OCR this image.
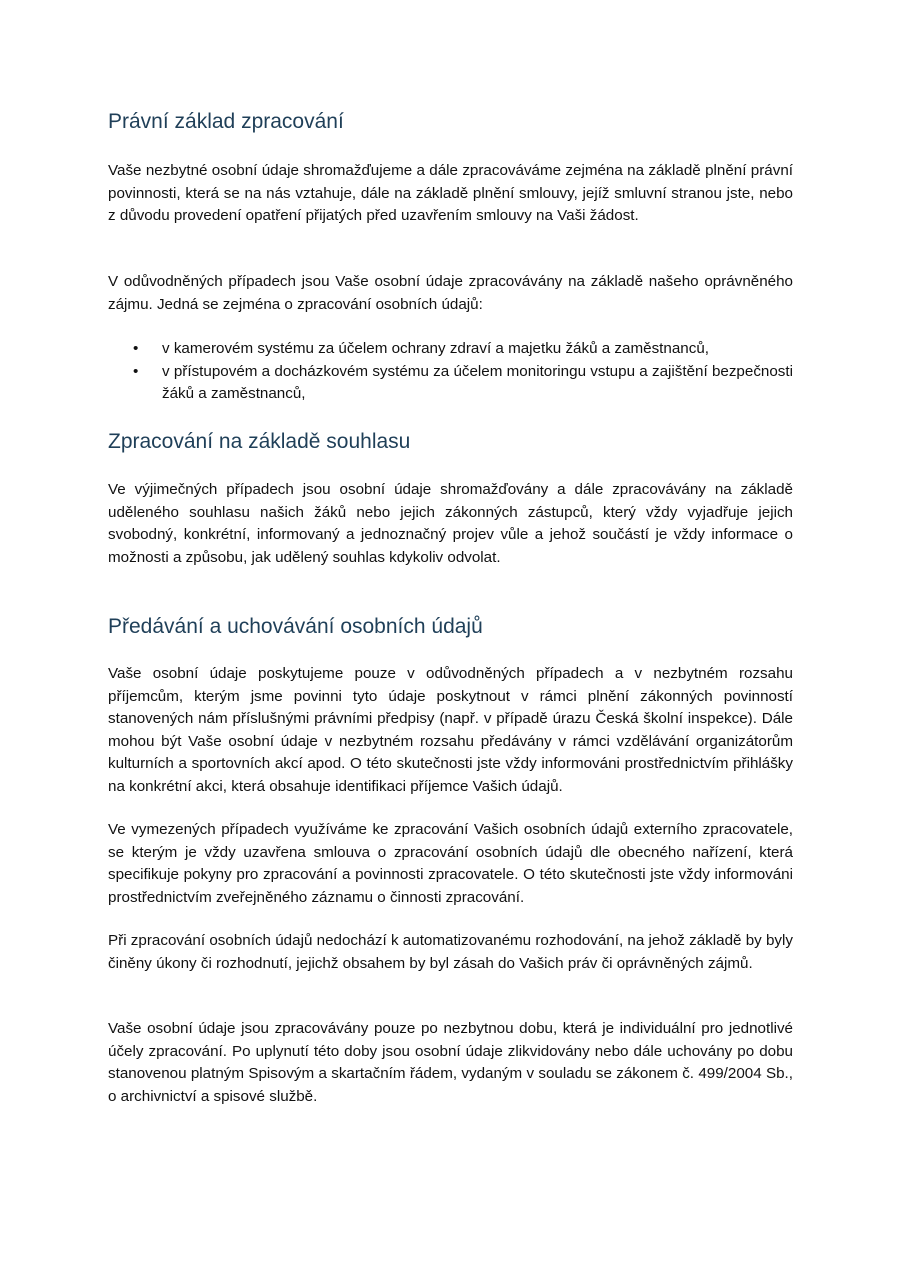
Právní základ zpracování

Vaše nezbytné osobní údaje shromažďujeme a dále zpracováváme zejména na základě plnění právní povinnosti, která se na nás vztahuje, dále na základě plnění smlouvy, jejíž smluvní stranou jste, nebo z důvodu provedení opatření přijatých před uzavřením smlouvy na Vaši žádost.

V odůvodněných případech jsou Vaše osobní údaje zpracovávány na základě našeho oprávněného zájmu. Jedná se zejména o zpracování osobních údajů:

• v kamerovém systému za účelem ochrany zdraví a majetku žáků a zaměstnanců,
• v přístupovém a docházkovém systému za účelem monitoringu vstupu a zajištění bezpečnosti žáků a zaměstnanců,
Zpracování na základě souhlasu

Ve výjimečných případech jsou osobní údaje shromažďovány a dále zpracovávány na základě uděleného souhlasu našich žáků nebo jejich zákonných zástupců, který vždy vyjadřuje jejich svobodný, konkrétní, informovaný a jednoznačný projev vůle a jehož součástí je vždy informace o možnosti a způsobu, jak udělený souhlas kdykoliv odvolat.

Předávání a uchovávání osobních údajů

Vaše osobní údaje poskytujeme pouze v odůvodněných případech a v nezbytném rozsahu příjemcům, kterým jsme povinni tyto údaje poskytnout v rámci plnění zákonných povinností stanovených nám příslušnými právními předpisy (např. v případě úrazu Česká školní inspekce). Dále mohou být Vaše osobní údaje v nezbytném rozsahu předávány v rámci vzdělávání organizátorům kulturních a sportovních akcí apod. O této skutečnosti jste vždy informováni prostřednictvím přihlášky na konkrétní akci, která obsahuje identifikaci příjemce Vašich údajů.

Ve vymezených případech využíváme ke zpracování Vašich osobních údajů externího zpracovatele, se kterým je vždy uzavřena smlouva o zpracování osobních údajů dle obecného nařízení, která specifikuje pokyny pro zpracování a povinnosti zpracovatele. O této skutečnosti jste vždy informováni prostřednictvím zveřejněného záznamu o činnosti zpracování.

Při zpracování osobních údajů nedochází k automatizovanému rozhodování, na jehož základě by byly činěny úkony či rozhodnutí, jejichž obsahem by byl zásah do Vašich práv či oprávněných zájmů.

Vaše osobní údaje jsou zpracovávány pouze po nezbytnou dobu, která je individuální pro jednotlivé účely zpracování. Po uplynutí této doby jsou osobní údaje zlikvidovány nebo dále uchovány po dobu stanovenou platným Spisovým a skartačním řádem, vydaným v souladu se zákonem č. 499/2004 Sb., o archivnictví a spisové službě.
